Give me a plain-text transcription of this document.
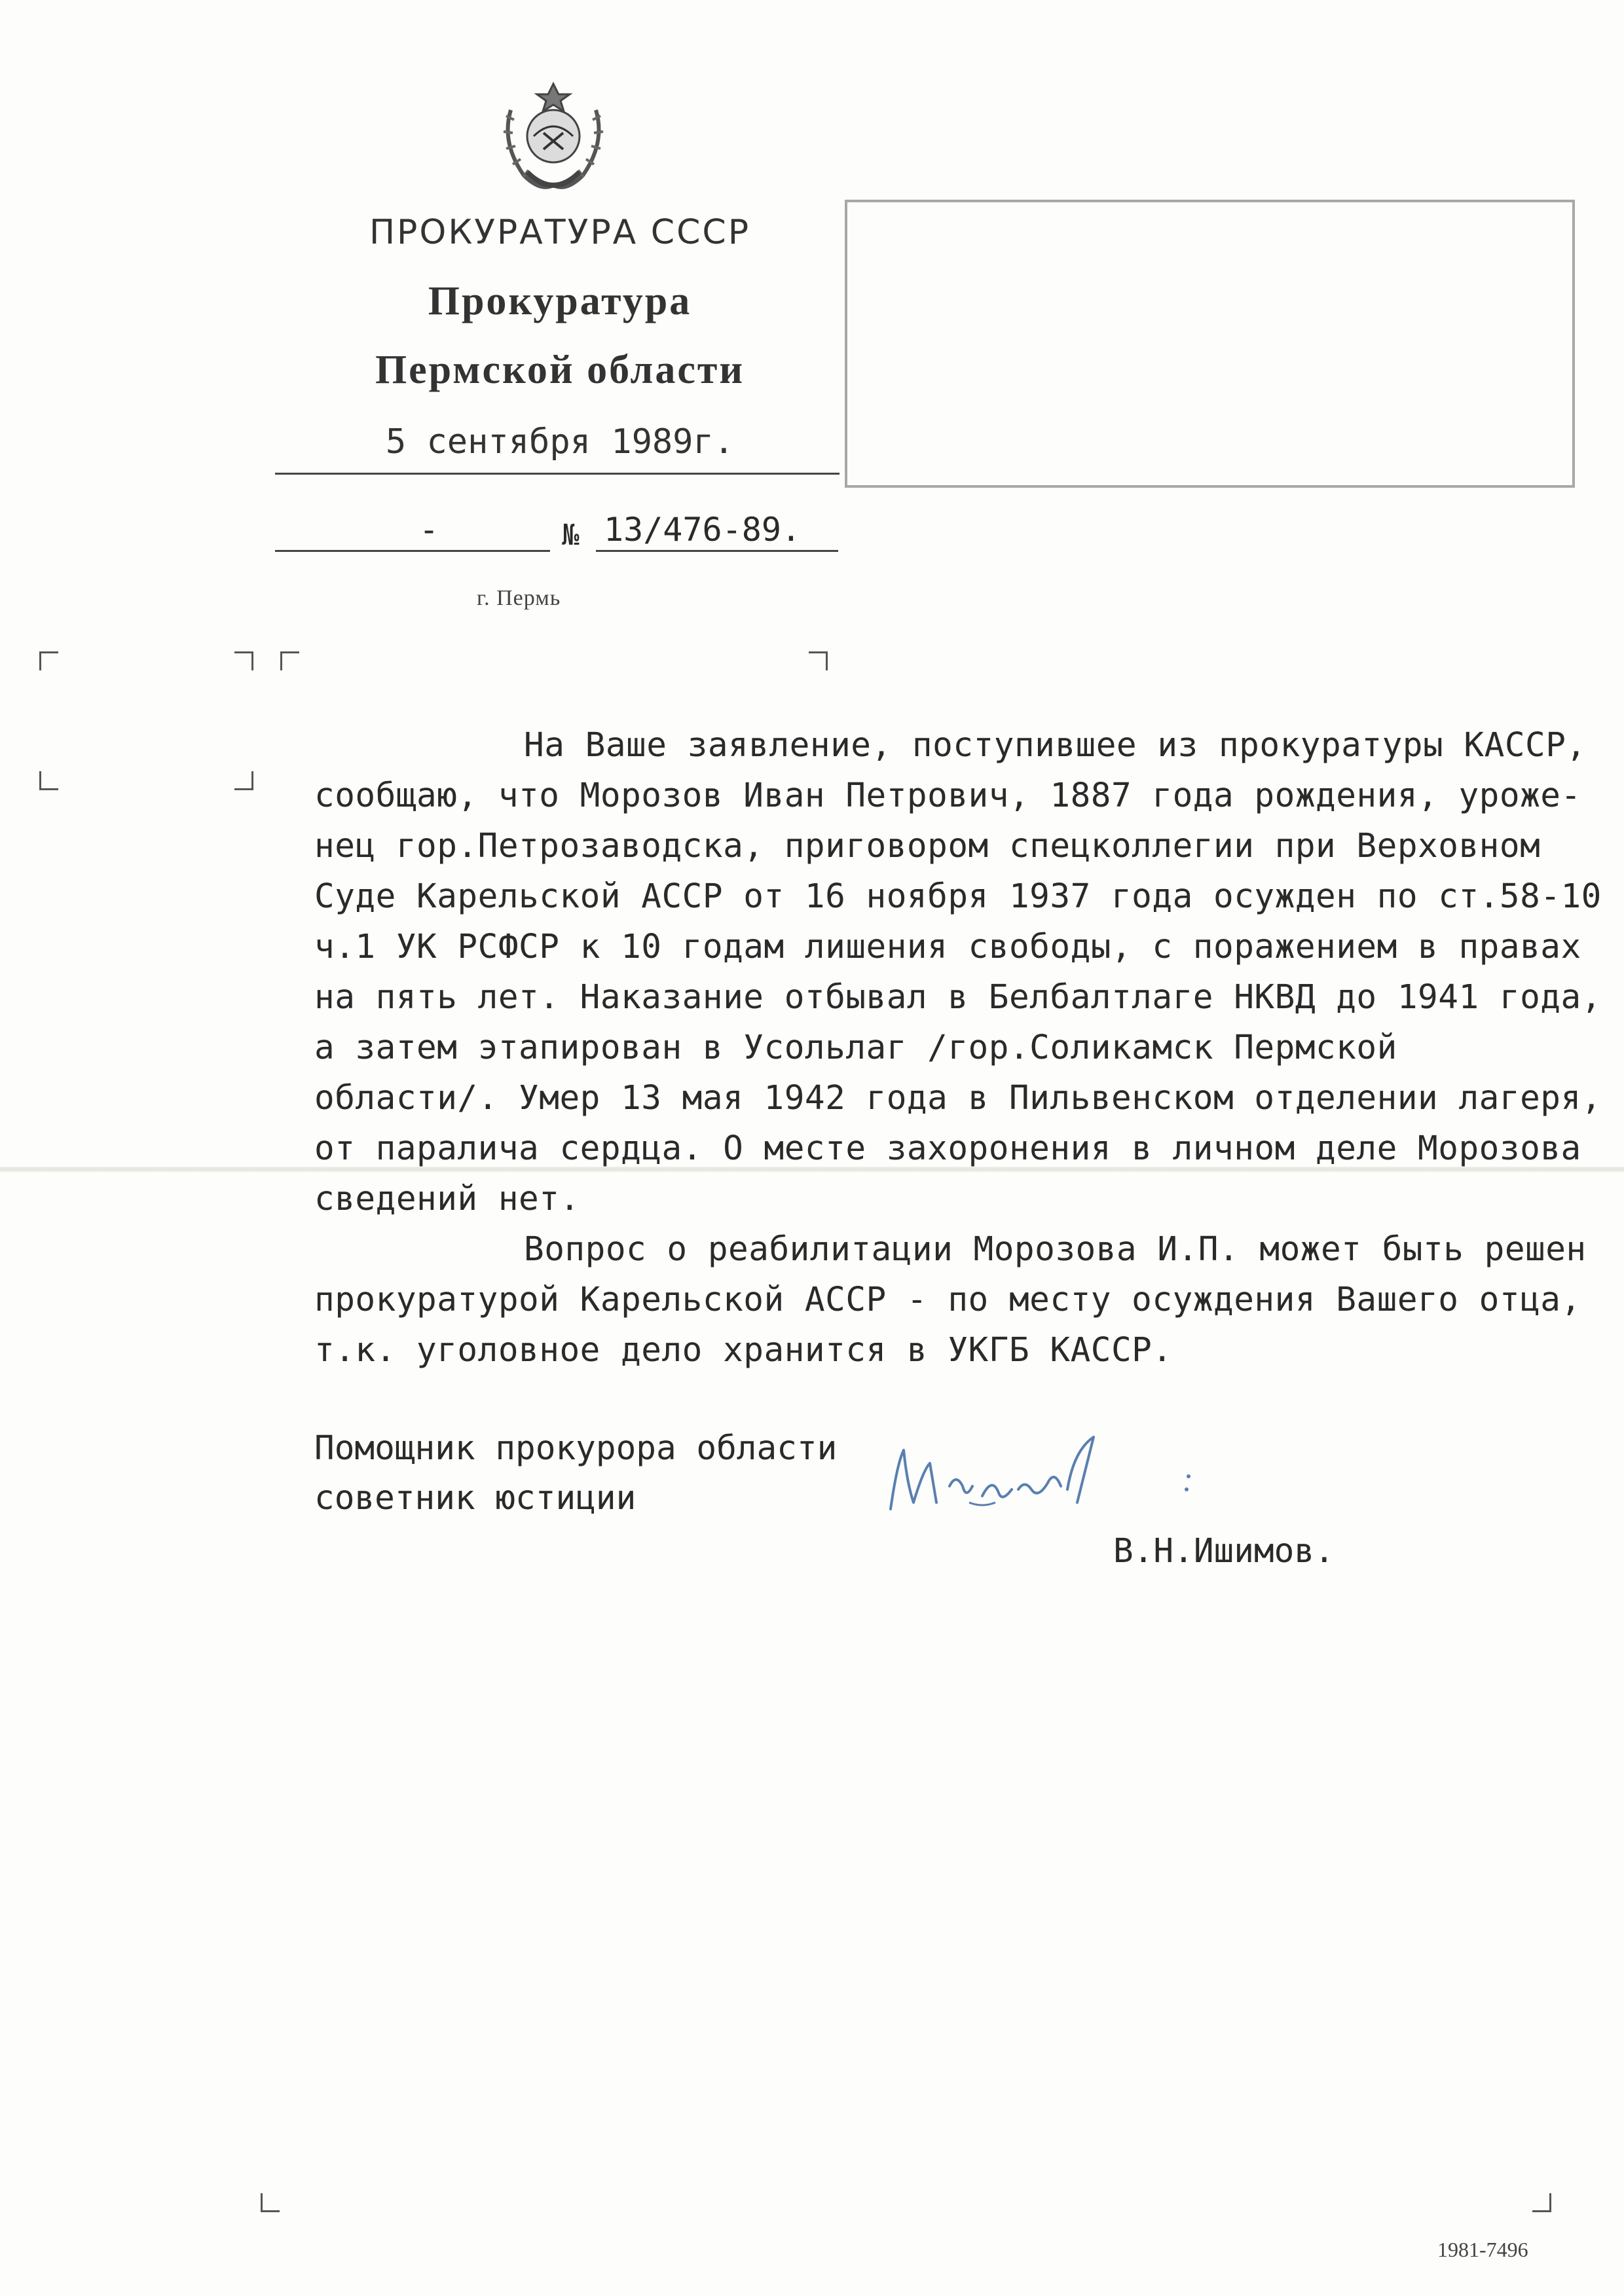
ПРОКУРАТУРА СССР
Прокуратура
Пермской области
5 сентября 1989г.
-	№ 13/476-89.
г. Пермь
На Ваше заявление, поступившее из прокуратуры КАССР,
сообщаю, что Морозов Иван Петрович, 1887 года рождения, уроже-
нец гор.Петрозаводска, приговором спецколлегии при Верховном
Суде Карельской АССР от 16 ноября 1937 года осужден по ст.58-10
ч.1 УК РСФСР к 10 годам лишения свободы, с поражением в правах
на пять лет. Наказание отбывал в Белбалтлаге НКВД до 1941 года,
а затем этапирован в Усольлаг /гор.Соликамск Пермской
области/. Умер 13 мая 1942 года в Пильвенском отделении лагеря,
от паралича сердца. О месте захоронения в личном деле Морозова
сведений нет.
Вопрос о реабилитации Морозова И.П. может быть решен
прокуратурой Карельской АССР - по месту осуждения Вашего отца,
т.к. уголовное дело хранится в УКГБ КАССР.
Помощник прокурора области
советник юстиции
В.Н.Ишимов.
1981-7496
